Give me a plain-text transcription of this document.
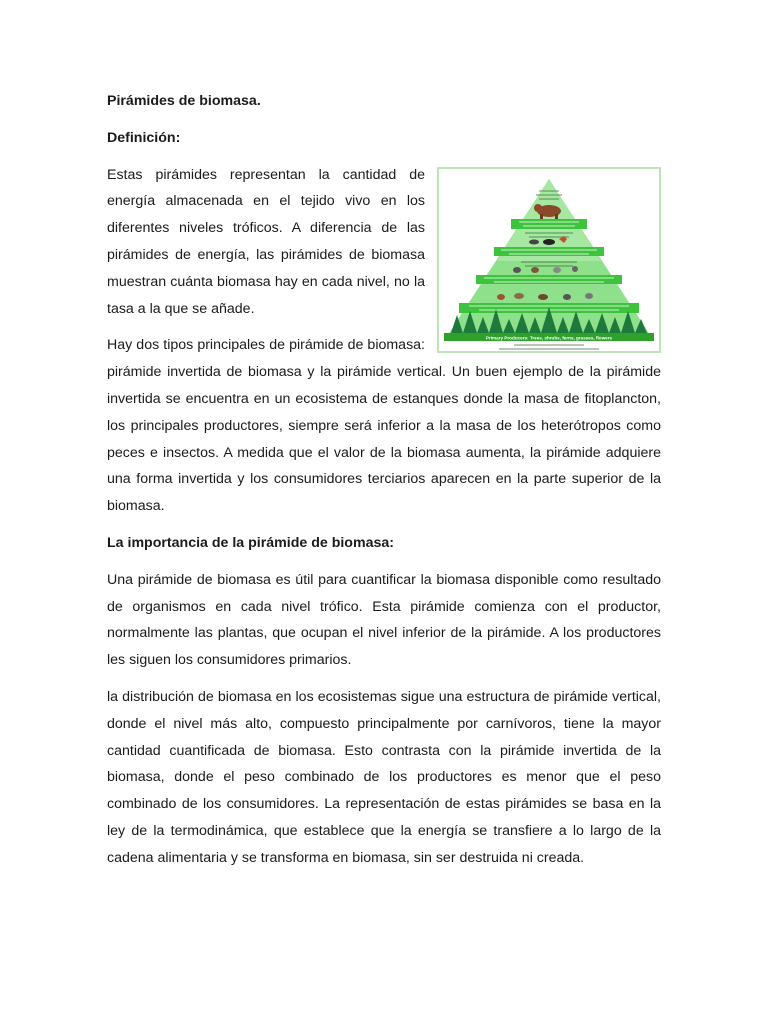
Pirámides de biomasa.
Definición:
Primary Producers: Trees, shrubs, ferns, grasses, flowers

Estas pirámides representan la cantidad de energía almacenada en el tejido vivo en los diferentes niveles tróficos. A diferencia de las pirámides de energía, las pirámides de biomasa muestran cuánta biomasa hay en cada nivel, no la tasa a la que se añade.

Hay dos tipos principales de pirámide de biomasa: pirámide invertida de biomasa y la pirámide vertical. Un buen ejemplo de la pirámide invertida se encuentra en un ecosistema de estanques donde la masa de fitoplancton, los principales productores, siempre será inferior a la masa de los heterótropos como peces e insectos. A medida que el valor de la biomasa aumenta, la pirámide adquiere una forma invertida y los consumidores terciarios aparecen en la parte superior de la biomasa.

La importancia de la pirámide de biomasa:

Una pirámide de biomasa es útil para cuantificar la biomasa disponible como resultado de organismos en cada nivel trófico. Esta pirámide comienza con el productor, normalmente las plantas, que ocupan el nivel inferior de la pirámide. A los productores les siguen los consumidores primarios.

la distribución de biomasa en los ecosistemas sigue una estructura de pirámide vertical, donde el nivel más alto, compuesto principalmente por carnívoros, tiene la mayor cantidad cuantificada de biomasa. Esto contrasta con la pirámide invertida de la biomasa, donde el peso combinado de los productores es menor que el peso combinado de los consumidores. La representación de estas pirámides se basa en la ley de la termodinámica, que establece que la energía se transfiere a lo largo de la cadena alimentaria y se transforma en biomasa, sin ser destruida ni creada.
